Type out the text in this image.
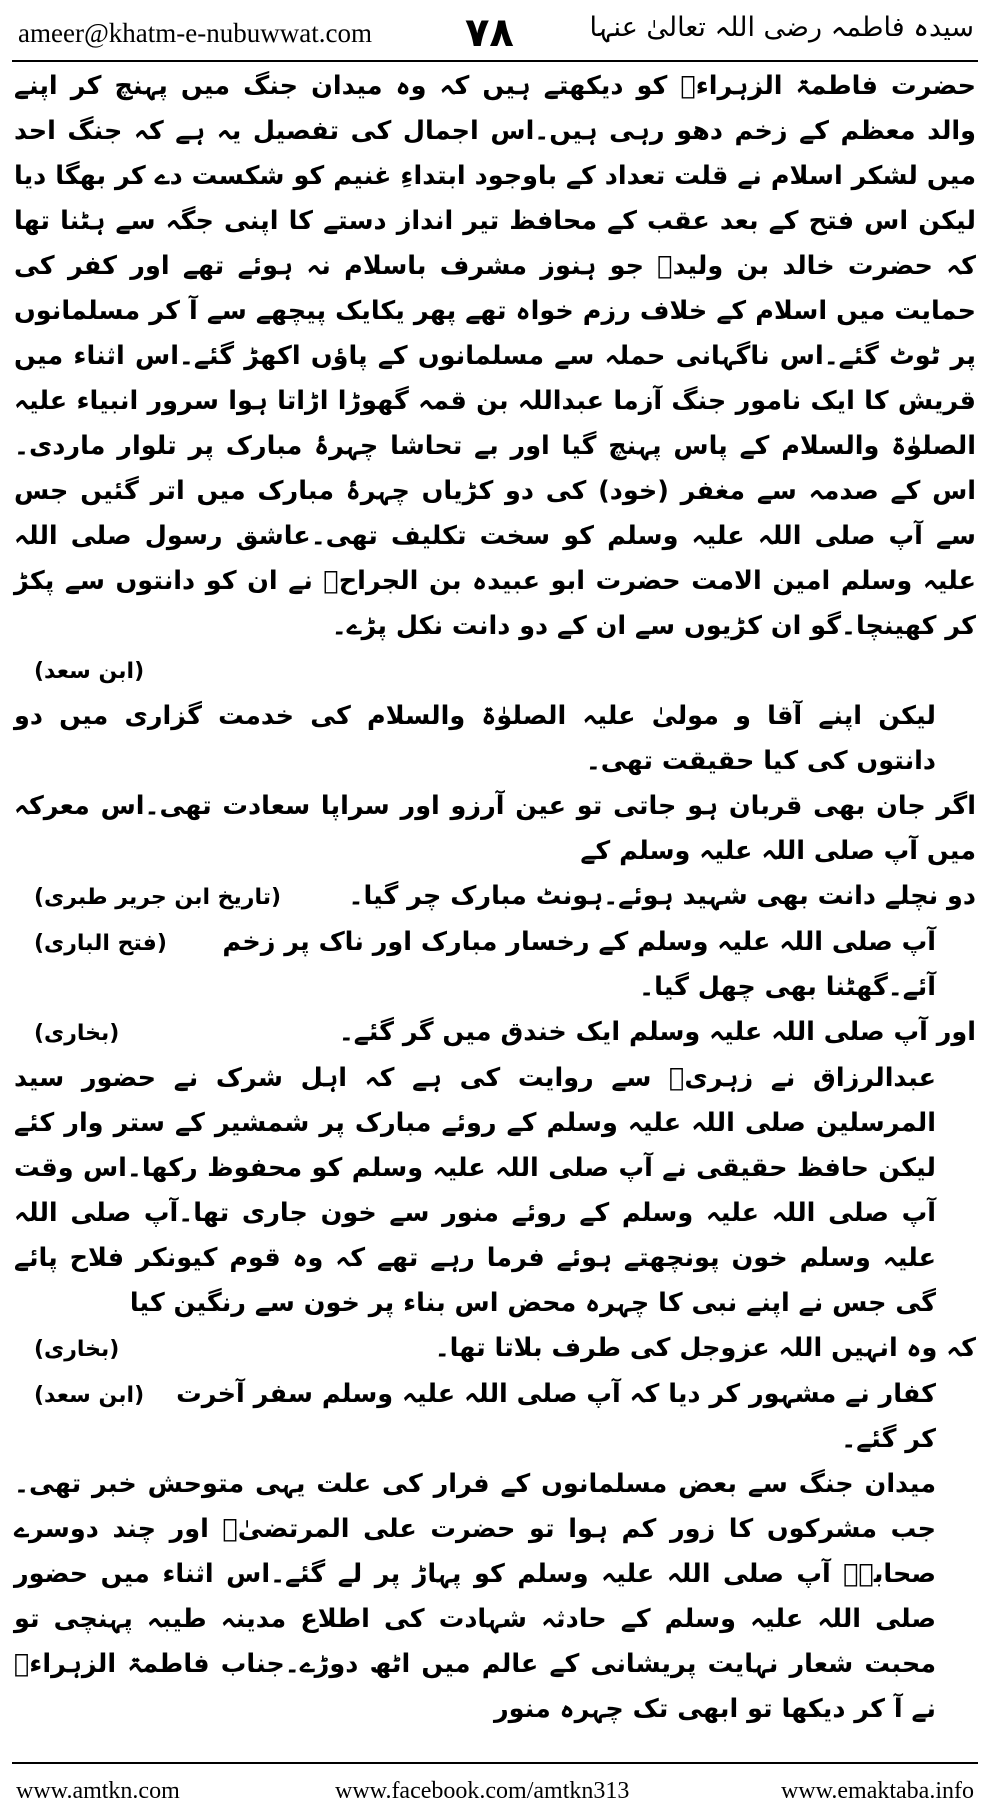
ameer@khatm-e-nubuwwat.com ۷۸	سیدہ فاطمہ رضی اللہ تعالیٰ عنہا

حضرت فاطمۃ الزہراءؓ کو دیکھتے ہیں کہ وہ میدان جنگ میں پہنچ کر اپنے والد معظم کے زخم دھو رہی ہیں۔اس اجمال کی تفصیل یہ ہے کہ جنگ احد میں لشکر اسلام نے قلت تعداد کے باوجود ابتداءِ غنیم کو شکست دے کر بھگا دیا لیکن اس فتح کے بعد عقب کے محافظ تیر انداز دستے کا اپنی جگہ سے ہٹنا تھا کہ حضرت خالد بن ولیدؓ جو ہنوز مشرف باسلام نہ ہوئے تھے اور کفر کی حمایت میں اسلام کے خلاف رزم خواہ تھے پھر یکایک پیچھے سے آ کر مسلمانوں پر ٹوٹ گئے۔اس ناگہانی حملہ سے مسلمانوں کے پاؤں اکھڑ گئے۔اس اثناء میں قریش کا ایک نامور جنگ آزما عبداللہ بن قمہ گھوڑا اڑاتا ہوا سرور انبیاء علیہ الصلوٰۃ والسلام کے پاس پہنچ گیا اور بے تحاشا چہرۂ مبارک پر تلوار ماردی۔اس کے صدمہ سے مغفر (خود) کی دو کڑیاں چہرۂ مبارک میں اتر گئیں جس سے آپ صلی اللہ علیہ وسلم کو سخت تکلیف تھی۔عاشق رسول صلی اللہ علیہ وسلم امین الامت حضرت ابو عبیدہ بن الجراحؓ نے ان کو دانتوں سے پکڑ کر کھینچا۔گو ان کڑیوں سے ان کے دو دانت نکل پڑے۔

(ابن سعد)

لیکن اپنے آقا و مولیٰ علیہ الصلوٰۃ والسلام کی خدمت گزاری میں دو دانتوں کی کیا حقیقت تھی۔

اگر جان بھی قربان ہو جاتی تو عین آرزو اور سراپا سعادت تھی۔اس معرکہ میں آپ صلی اللہ علیہ وسلم کے

دو نچلے دانت بھی شہید ہوئے۔ہونٹ مبارک چر گیا۔
(تاریخ ابن جریر طبری)
آپ صلی اللہ علیہ وسلم کے رخسار مبارک اور ناک پر زخم آئے۔گھٹنا بھی چھل گیا۔
(فتح الباری)
اور آپ صلی اللہ علیہ وسلم ایک خندق میں گر گئے۔
(بخاری)

عبدالرزاق نے زہریؒ سے روایت کی ہے کہ اہل شرک نے حضور سید المرسلین صلی اللہ علیہ وسلم کے روئے مبارک پر شمشیر کے ستر وار کئے لیکن حافظ حقیقی نے آپ صلی اللہ علیہ وسلم کو محفوظ رکھا۔اس وقت آپ صلی اللہ علیہ وسلم کے روئے منور سے خون جاری تھا۔آپ صلی اللہ علیہ وسلم خون پونچھتے ہوئے فرما رہے تھے کہ وہ قوم کیونکر فلاح پائے گی جس نے اپنے نبی کا چہرہ محض اس بناء پر خون سے رنگین کیا

کہ وہ انہیں اللہ عزوجل کی طرف بلاتا تھا۔
(بخاری)
کفار نے مشہور کر دیا کہ آپ صلی اللہ علیہ وسلم سفر آخرت کر گئے۔
(ابن سعد)

میدان جنگ سے بعض مسلمانوں کے فرار کی علت یہی متوحش خبر تھی۔جب مشرکوں کا زور کم ہوا تو حضرت علی المرتضیٰؓ اور چند دوسرے صحابہؓ آپ صلی اللہ علیہ وسلم کو پہاڑ پر لے گئے۔اس اثناء میں حضور صلی اللہ علیہ وسلم کے حادثہ شہادت کی اطلاع مدینہ طیبہ پہنچی تو محبت شعار نہایت پریشانی کے عالم میں اٹھ دوڑے۔جناب فاطمۃ الزہراءؓ نے آ کر دیکھا تو ابھی تک چہرہ منور

www.amtkn.com	www.facebook.com/amtkn313	www.emaktaba.info
